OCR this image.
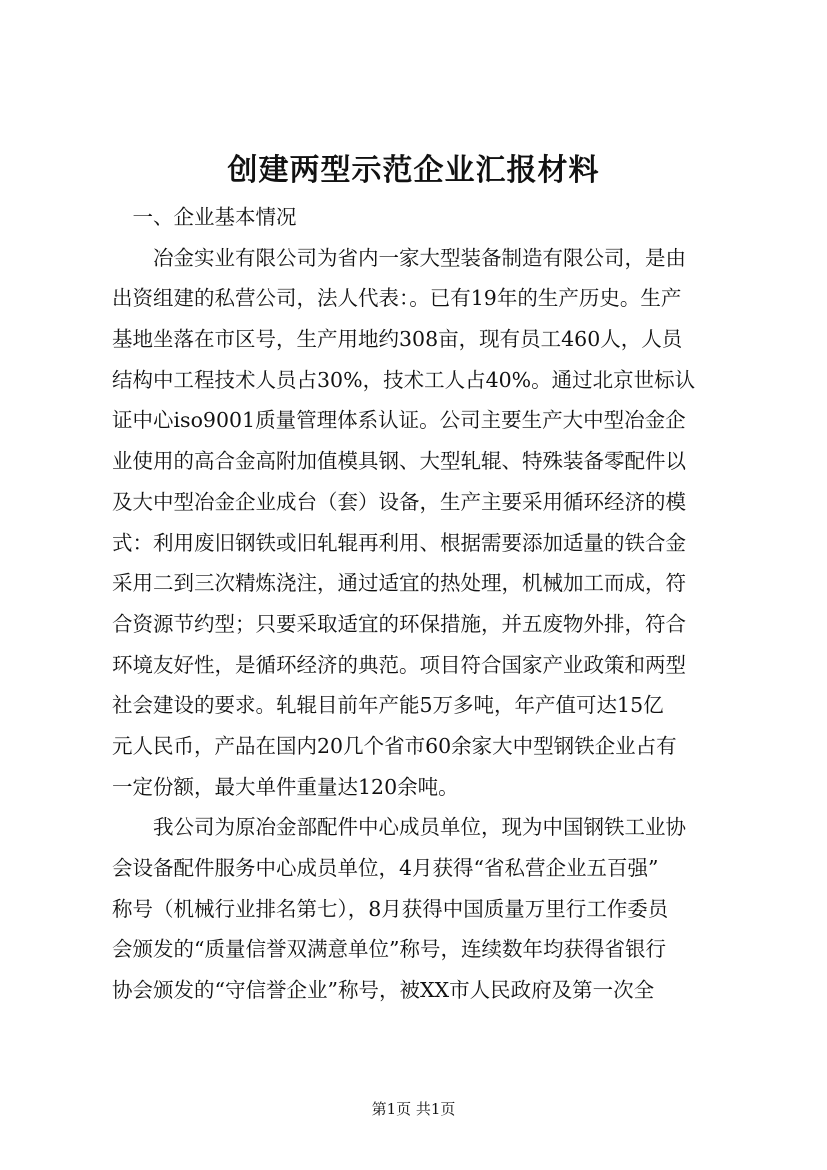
创建两型示范企业汇报材料
　一、企业基本情况
　　冶金实业有限公司为省内一家大型装备制造有限公司，是由
出资组建的私营公司，法人代表：。已有19年的生产历史。生产
基地坐落在市区号，生产用地约308亩，现有员工460人，人员
结构中工程技术人员占30%，技术工人占40%。通过北京世标认
证中心iso9001质量管理体系认证。公司主要生产大中型冶金企
业使用的高合金高附加值模具钢、大型轧辊、特殊装备零配件以
及大中型冶金企业成台（套）设备，生产主要采用循环经济的模
式：利用废旧钢铁或旧轧辊再利用、根据需要添加适量的铁合金
采用二到三次精炼浇注，通过适宜的热处理，机械加工而成，符
合资源节约型；只要采取适宜的环保措施，并五废物外排，符合
环境友好性，是循环经济的典范。项目符合国家产业政策和两型
社会建设的要求。轧辊目前年产能5万多吨，年产值可达15亿
元人民币，产品在国内20几个省市60余家大中型钢铁企业占有
一定份额，最大单件重量达120余吨。
　　我公司为原冶金部配件中心成员单位，现为中国钢铁工业协
会设备配件服务中心成员单位，4月获得“省私营企业五百强”
称号（机械行业排名第七），8月获得中国质量万里行工作委员
会颁发的“质量信誉双满意单位”称号，连续数年均获得省银行
协会颁发的“守信誉企业”称号，被XX市人民政府及第一次全
第1页 共1页
